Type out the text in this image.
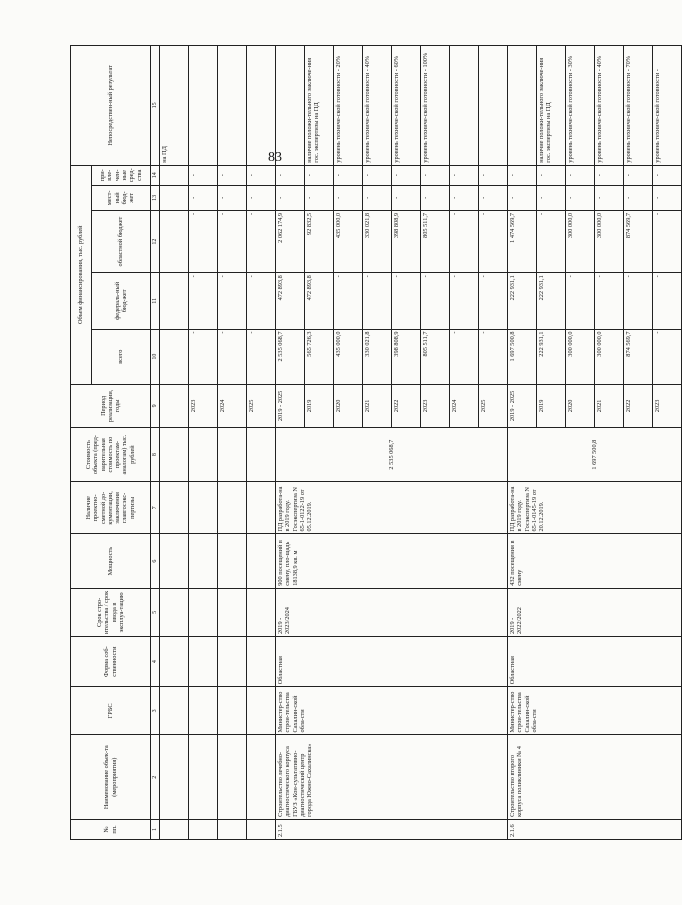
83
№ пп.	Наименование объек-та (мероприятия)	ГРБС	Форма соб-ственности	Срок стро-ительства / срок ввода в эксплуа-тацию	Мощность	Наличие проектно-сметной до-кументации, заключения главгосэкс-пертизы	Стоимость объекта (пред-варительная стоимость по проектам-аналогам) тыс. рублей	Период реализации, годы	Объем финансирования, тыс. рублей					Непосредствен-ный результат
									всего	федераль-ный бюд-жет	областной бюджет	мест-ный бюд-жет	при-вле-чен-ные сред-ства	
1	2	3	4	5	6	7	8	9	10	11	12	13	14	15
														на ПД
								2023	-	-	-	-	-	
								2024	-	-	-	-	-	
								2025	-	-	-	-	-	
2.1.5	Строительство лечебно-диагностического корпуса ГБУЗ «Кон-сультативно-диагностический центр города Южно-Сахалинска»	Министер-ство строи-тельства Сахалин-ской обла-сти	Областная	2019 - 2023/2024	900 посещений в смену, пло-щадь 18138,9 кв. м	ПД разработа-на в 2019 году. Госэкспертиза N 65-1-0122-19 от 05.12.2019.	2 535 068,7	2019 - 2025	2 535 068,7	472 893,8	2 062 174,9	-	-	
								2019	565 726,3	472 893,8	92 832,5	-	-	наличие положи-тельного заключе-ния гос. экспертизы на ПД
								2020	435 000,0	-	435 000,0	-	-	уровень техниче-ской готовности - 20%
								2021	330 021,8	-	330 021,8	-	-	уровень техниче-ской готовности - 40%
								2022	398 808,9	-	398 808,9	-	-	уровень техниче-ской готовности - 60%
								2023	805 511,7	-	805 511,7	-	-	уровень техниче-ской готовности - 100%
								2024	-	-	-	-	-	
								2025	-	-	-	-	-	
2.1.6	Строительство второго корпуса поликлиники № 4	Министер-ство строи-тельства Сахалин-ской обла-сти	Областная	2019 - 2022/2022	432 посещения в смену	ПД разработа-на в 2019 году. Госэкспертиза N 65-1-0145-19 от 20.12.2019.	1 697 500,8	2019 - 2025	1 697 500,8	222 931,1	1 474 569,7	-	-	
								2019	222 931,1	222 931,1	-	-	-	наличие положи-тельного заключе-ния гос. экспертизы на ПД
								2020	300 000,0	-	300 000,0	-	-	уровень техниче-ской готовности - 30%
								2021	300 000,0	-	300 000,0	-	-	уровень техниче-ской готовности - 40%
								2022	874 569,7	-	874 569,7	-	-	уровень техниче-ской готовности - 70%
								2023	-	-	-	-	-	уровень техниче-ской готовности -
